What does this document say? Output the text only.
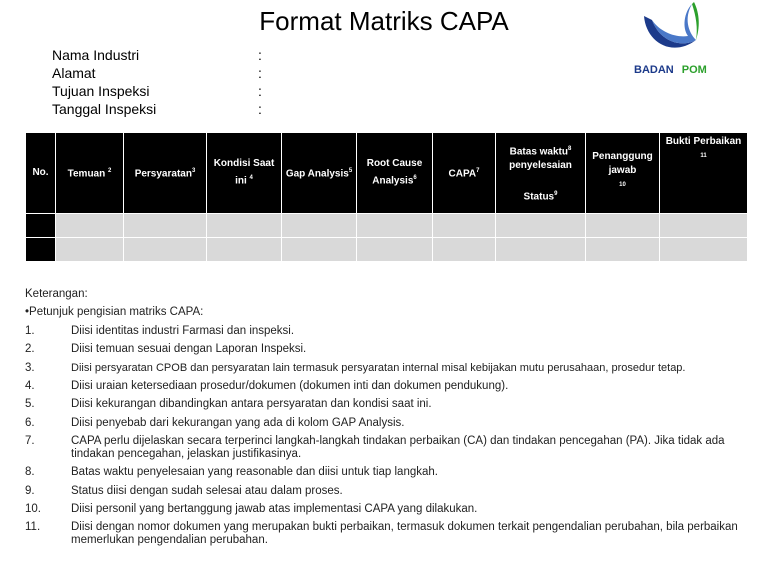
Format Matriks CAPA
BADAN POM
Nama Industri	:
Alamat	:
Tujuan Inspeksi	:
Tanggal Inspeksi	:
No.	Temuan $^2$	Persyaratan$^3$	Kondisi Saat ini $^4$	Gap Analysis$^5$	Root Cause Analysis$^6$	CAPA$^7$	Batas waktu$^8$
penyelesaian

Status$^9$	Penanggung jawab
$^{10}$	Bukti Perbaikan
$^{11}$

Keterangan:
•Petunjuk pengisian matriks CAPA:
1.	Diisi identitas industri Farmasi dan inspeksi.
2.	Diisi temuan sesuai dengan Laporan Inspeksi.
3.	Diisi persyaratan CPOB dan persyaratan lain termasuk persyaratan internal misal kebijakan mutu perusahaan, prosedur tetap.
4.	Diisi uraian ketersediaan prosedur/dokumen (dokumen inti dan dokumen pendukung).
5.	Diisi kekurangan dibandingkan antara persyaratan dan kondisi saat ini.
6.	Diisi penyebab dari kekurangan yang ada di kolom GAP Analysis.
7.	CAPA perlu dijelaskan secara terperinci langkah-langkah tindakan perbaikan (CA) dan tindakan pencegahan (PA). Jika tidak ada tindakan pencegahan, jelaskan justifikasinya.
8.	Batas waktu penyelesaian yang reasonable dan diisi untuk tiap langkah.
9.	Status diisi dengan sudah selesai atau dalam proses.
10.	Diisi personil yang bertanggung jawab atas implementasi CAPA yang dilakukan.
11.	Diisi dengan nomor dokumen yang merupakan bukti perbaikan, termasuk dokumen terkait pengendalian perubahan, bila perbaikan memerlukan pengendalian perubahan.
